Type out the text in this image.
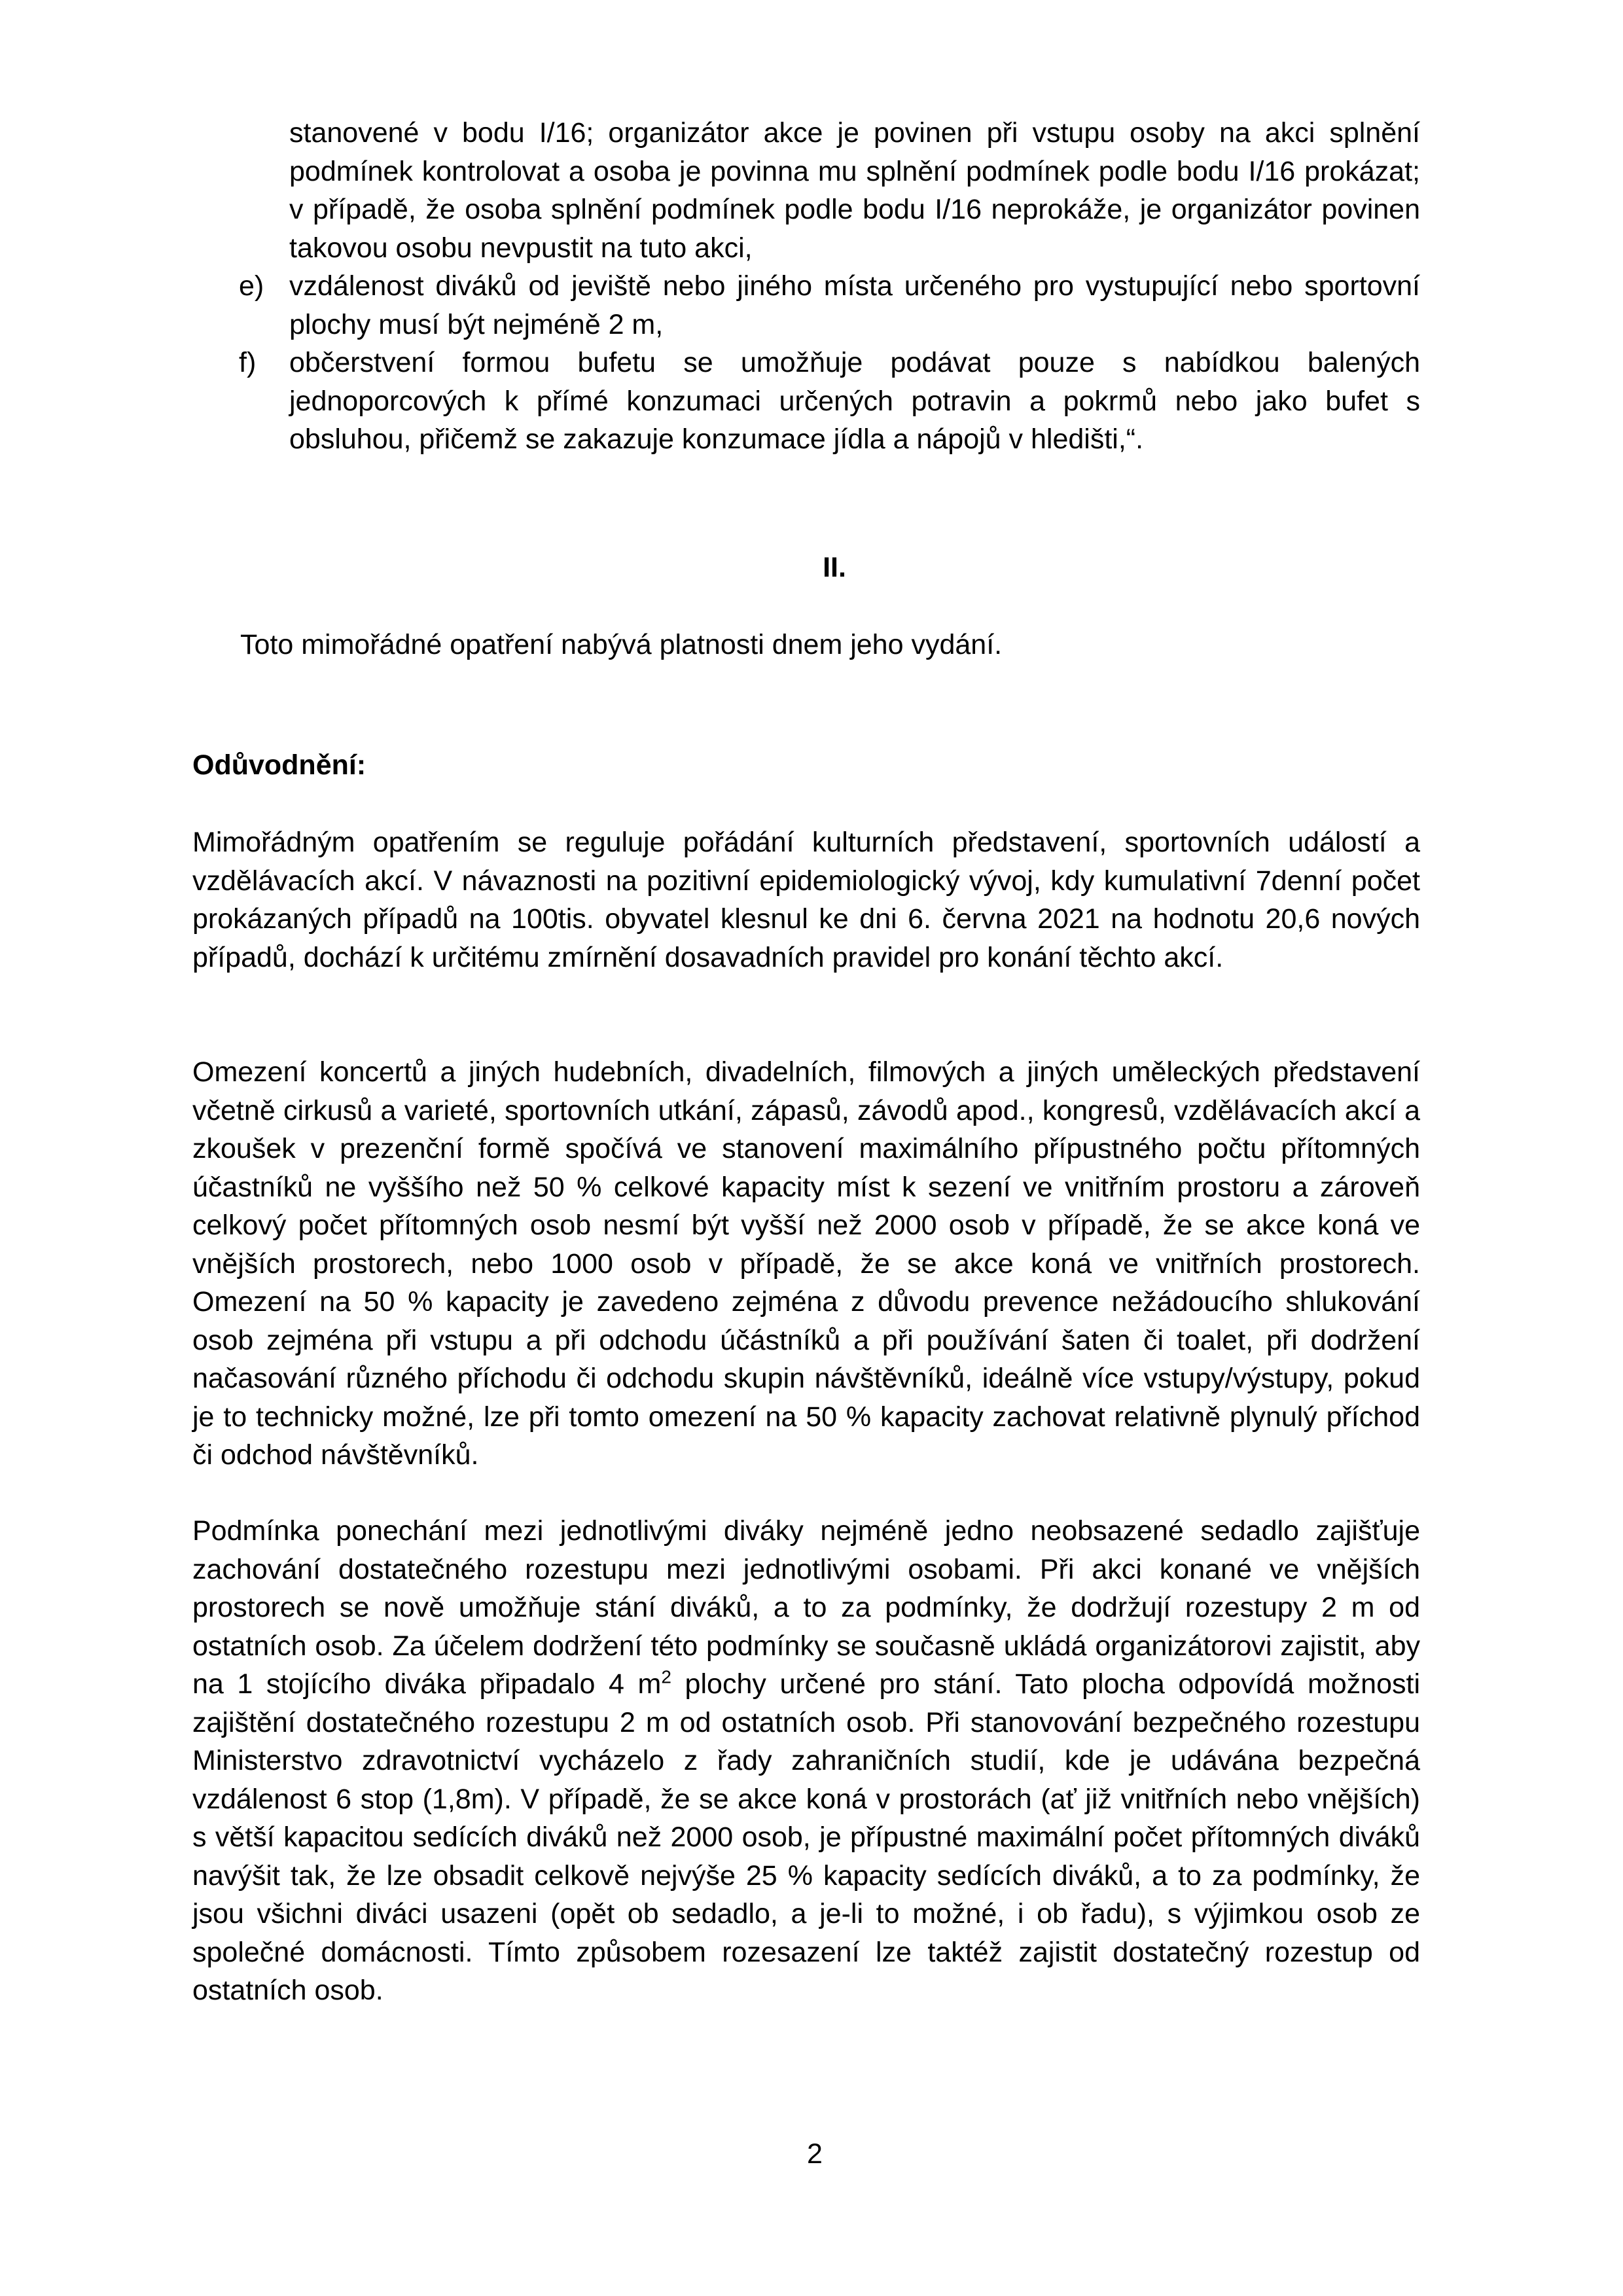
stanovené v bodu I/16; organizátor akce je povinen při vstupu osoby na akci splnění podmínek kontrolovat a osoba je povinna mu splnění podmínek podle bodu I/16 prokázat; v případě, že osoba splnění podmínek podle bodu I/16 neprokáže, je organizátor povinen takovou osobu nevpustit na tuto akci,

e) vzdálenost diváků od jeviště nebo jiného místa určeného pro vystupující nebo sportovní plochy musí být nejméně 2 m,

f) občerstvení formou bufetu se umožňuje podávat pouze s nabídkou balených jednoporcových k přímé konzumaci určených potravin a pokrmů nebo jako bufet s obsluhou, přičemž se zakazuje konzumace jídla a nápojů v hledišti,“.

II.

Toto mimořádné opatření nabývá platnosti dnem jeho vydání.

Odůvodnění:

Mimořádným opatřením se reguluje pořádání kulturních představení, sportovních událostí a vzdělávacích akcí. V návaznosti na pozitivní epidemiologický vývoj, kdy kumulativní 7denní počet prokázaných případů na 100tis. obyvatel klesnul ke dni 6. června 2021 na hodnotu 20,6 nových případů, dochází k určitému zmírnění dosavadních pravidel pro konání těchto akcí.

Omezení koncertů a jiných hudebních, divadelních, filmových a jiných uměleckých představení včetně cirkusů a varieté, sportovních utkání, zápasů, závodů apod., kongresů, vzdělávacích akcí a zkoušek v prezenční formě spočívá ve stanovení maximálního přípustného počtu přítomných účastníků ne vyššího než 50 % celkové kapacity míst k sezení ve vnitřním prostoru a zároveň celkový počet přítomných osob nesmí být vyšší než 2000 osob v případě, že se akce koná ve vnějších prostorech, nebo 1000 osob v případě, že se akce koná ve vnitřních prostorech. Omezení na 50 % kapacity je zavedeno zejména z důvodu prevence nežádoucího shlukování osob zejména při vstupu a při odchodu účástníků a při používání šaten či toalet, při dodržení načasování různého příchodu či odchodu skupin návštěvníků, ideálně více vstupy/výstupy, pokud je to technicky možné, lze při tomto omezení na 50 % kapacity zachovat relativně plynulý příchod či odchod návštěvníků.

Podmínka ponechání mezi jednotlivými diváky nejméně jedno neobsazené sedadlo zajišťuje zachování dostatečného rozestupu mezi jednotlivými osobami. Při akci konané ve vnějších prostorech se nově umožňuje stání diváků, a to za podmínky, že dodržují rozestupy 2 m od ostatních osob. Za účelem dodržení této podmínky se současně ukládá organizátorovi zajistit, aby na 1 stojícího diváka připadalo 4 $m^2$ plochy určené pro stání. Tato plocha odpovídá možnosti zajištění dostatečného rozestupu 2 m od ostatních osob. Při stanovování bezpečného rozestupu Ministerstvo zdravotnictví vycházelo z řady zahraničních studií, kde je udávána bezpečná vzdálenost 6 stop (1,8m). V případě, že se akce koná v prostorách (ať již vnitřních nebo vnějších) s větší kapacitou sedících diváků než 2000 osob, je přípustné maximální počet přítomných diváků navýšit tak, že lze obsadit celkově nejvýše 25 % kapacity sedících diváků, a to za podmínky, že jsou všichni diváci usazeni (opět ob sedadlo, a je-li to možné, i ob řadu), s výjimkou osob ze společné domácnosti. Tímto způsobem rozesazení lze taktéž zajistit dostatečný rozestup od ostatních osob.

2
